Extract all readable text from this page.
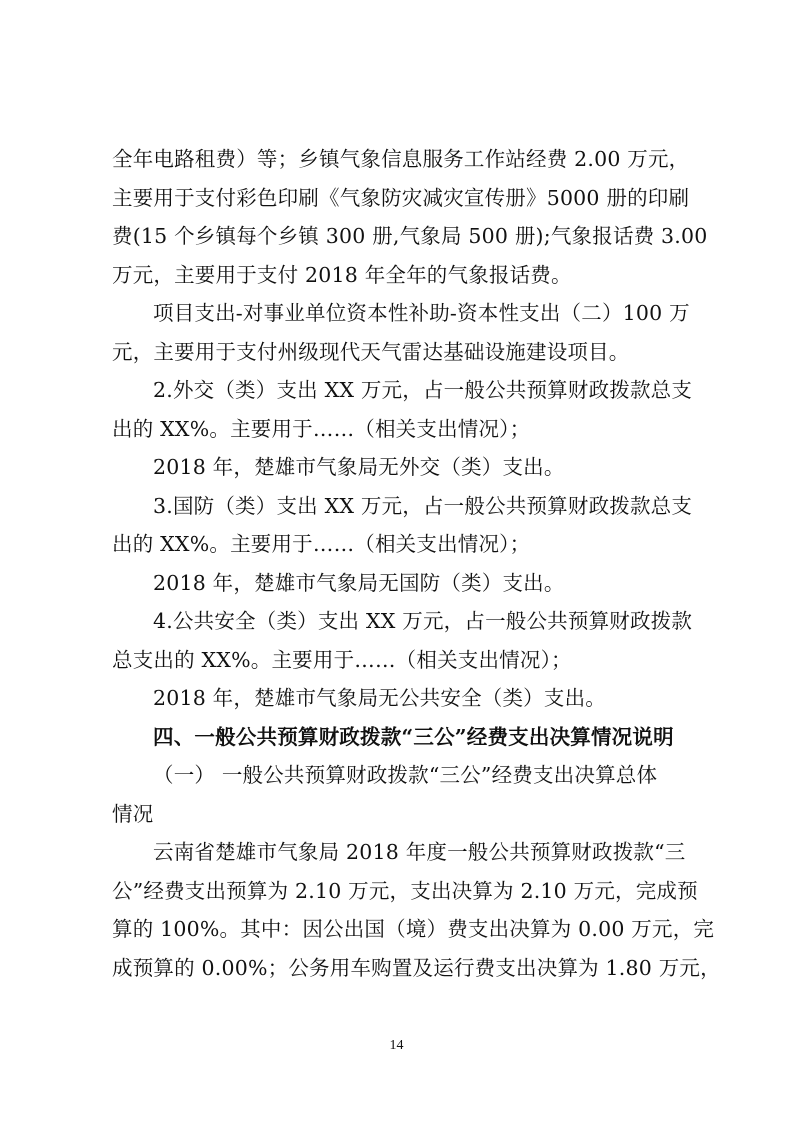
全年电路租费）等；乡镇气象信息服务工作站经费 2.00 万元，
主要用于支付彩色印刷《气象防灾减灾宣传册》5000 册的印刷
费(15 个乡镇每个乡镇 300 册,气象局 500 册);气象报话费 3.00
万元，主要用于支付 2018 年全年的气象报话费。
项目支出-对事业单位资本性补助-资本性支出（二）100 万
元，主要用于支付州级现代天气雷达基础设施建设项目。
2.外交（类）支出 XX 万元，占一般公共预算财政拨款总支
出的 XX%。主要用于……（相关支出情况）；
2018 年，楚雄市气象局无外交（类）支出。
3.国防（类）支出 XX 万元，占一般公共预算财政拨款总支
出的 XX%。主要用于……（相关支出情况）；
2018 年，楚雄市气象局无国防（类）支出。
4.公共安全（类）支出 XX 万元，占一般公共预算财政拨款
总支出的 XX%。主要用于……（相关支出情况）；
2018 年，楚雄市气象局无公共安全（类）支出。
四、一般公共预算财政拨款“三公”经费支出决算情况说明
（一） 一般公共预算财政拨款“三公”经费支出决算总体
情况
云南省楚雄市气象局 2018 年度一般公共预算财政拨款“三
公”经费支出预算为 2.10 万元，支出决算为 2.10 万元，完成预
算的 100%。其中：因公出国（境）费支出决算为 0.00 万元，完
成预算的 0.00%；公务用车购置及运行费支出决算为 1.80 万元，
14
